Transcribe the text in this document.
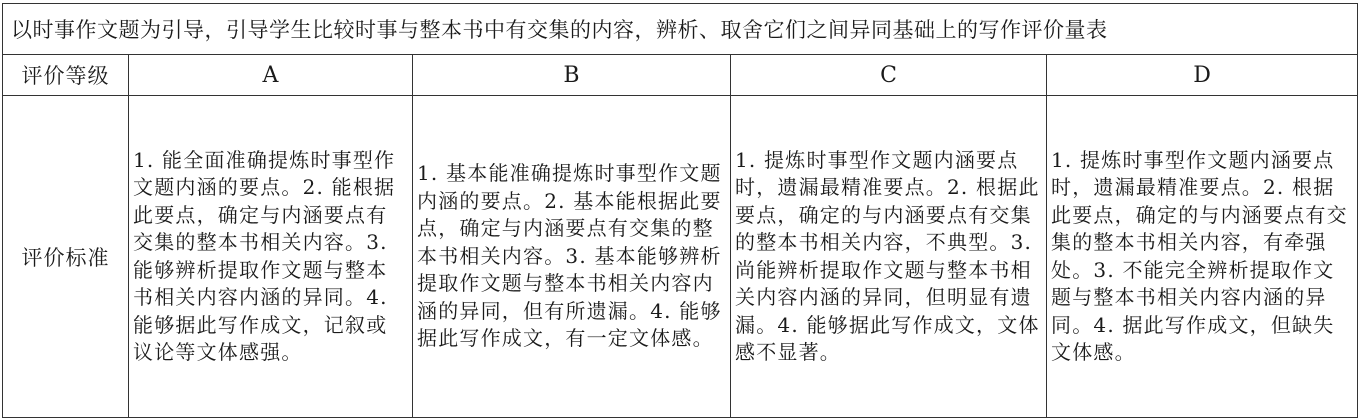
以时事作文题为引导，引导学生比较时事与整本书中有交集的内容，辨析、取舍它们之间异同基础上的写作评价量表				
评价等级	A	B	C	D
评价标准	1. 能全面准确提炼时事型作文题内涵的要点。2. 能根据此要点，确定与内涵要点有交集的整本书相关内容。3. 能够辨析提取作文题与整本书相关内容内涵的异同。4. 能够据此写作成文，记叙或议论等文体感强。	1. 基本能准确提炼时事型作文题内涵的要点。2. 基本能根据此要点，确定与内涵要点有交集的整本书相关内容。3. 基本能够辨析提取作文题与整本书相关内容内涵的异同，但有所遗漏。4. 能够据此写作成文，有一定文体感。	1. 提炼时事型作文题内涵要点时，遗漏最精准要点。2. 根据此要点，确定的与内涵要点有交集的整本书相关内容，不典型。3. 尚能辨析提取作文题与整本书相关内容内涵的异同，但明显有遗漏。4. 能够据此写作成文，文体感不显著。	1. 提炼时事型作文题内涵要点时，遗漏最精准要点。2. 根据此要点，确定的与内涵要点有交集的整本书相关内容，有牵强处。3. 不能完全辨析提取作文题与整本书相关内容内涵的异同。4. 据此写作成文，但缺失文体感。
